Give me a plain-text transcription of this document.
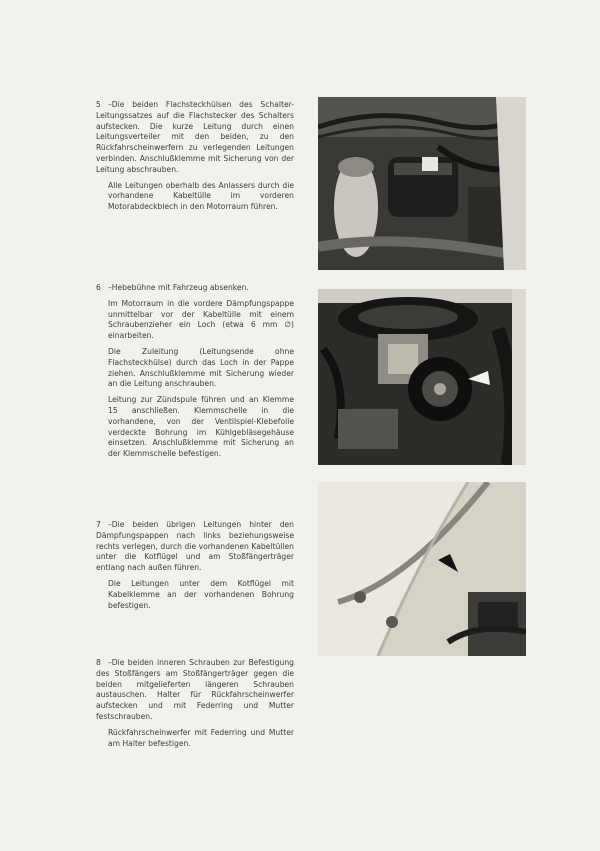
5 –Die beiden Flachsteckhülsen des Schalter-Leitungssatzes auf die Flachstecker des Schalters aufstecken. Die kurze Leitung durch einen Leitungsverteiler mit den beiden, zu den Rückfahrscheinwerfern zu verlegenden Leitungen verbinden. Anschlußklemme mit Sicherung von der Leitung abschrauben.

Alle Leitungen oberhalb des Anlassers durch die vorhandene Kabeltülle im vorderen Motorabdeckblech in den Motorraum führen.

6 –Hebebühne mit Fahrzeug absenken.

Im Motorraum in die vordere Dämpfungspappe unmittelbar vor der Kabeltülle mit einem Schraubenzieher ein Loch (etwa 6 mm ∅) einarbeiten.

Die Zuleitung (Leitungsende ohne Flachsteckhülse) durch das Loch in der Pappe ziehen. Anschlußklemme mit Sicherung wieder an die Leitung anschrauben.

Leitung zur Zündspule führen und an Klemme 15 anschließen. Klemmschelle in die vorhandene, von der Ventilspiel-Klebefolie verdeckte Bohrung im Kühlgebläsegehäuse einsetzen. Anschlußklemme mit Sicherung an der Klemmschelle befestigen.

7 –Die beiden übrigen Leitungen hinter den Dämpfungspappen nach links beziehungsweise rechts verlegen, durch die vorhandenen Kabeltüllen unter die Kotflügel und am Stoßfängerträger entlang nach außen führen.

Die Leitungen unter dem Kotflügel mit Kabelklemme an der vorhandenen Bohrung befestigen.

8 –Die beiden inneren Schrauben zur Befestigung des Stoßfängers am Stoßfängerträger gegen die beiden mitgelieferten längeren Schrauben austauschen. Halter für Rückfahrscheinwerfer aufstecken und mit Federring und Mutter festschrauben.

Rückfahrscheinwerfer mit Federring und Mutter am Halter befestigen.
